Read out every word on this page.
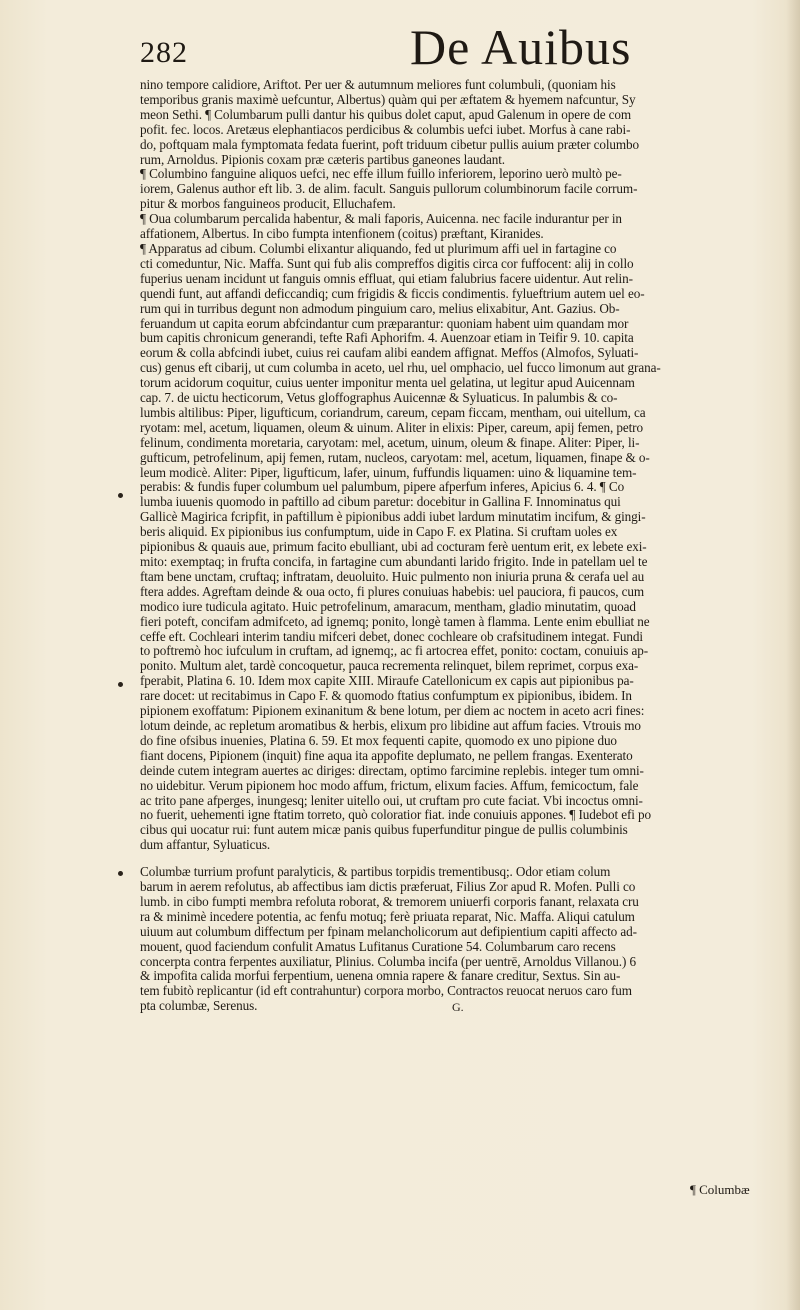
282	De Auibus
nino tempore calidiore, Ariftot. Per uer & autumnum meliores funt columbuli, (quoniam his
temporibus granis maximè uefcuntur, Albertus) quàm qui per æftatem & hyemem nafcuntur, Sy
meon Sethi. ¶ Columbarum pulli dantur his quibus dolet caput, apud Galenum in opere de com
pofit. fec. locos. Aretæus elephantiacos perdicibus & columbis uefci iubet. Morfus à cane rabi-
do, poftquam mala fymptomata fedata fuerint, poft triduum cibetur pullis auium præter columbo
rum, Arnoldus. Pipionis coxam præ cæteris partibus ganeones laudant.
¶ Columbino fanguine aliquos uefci, nec effe illum fuillo inferiorem, leporino uerò multò pe-
iorem, Galenus author eft lib. 3. de alim. facult. Sanguis pullorum columbinorum facile corrum-
pitur & morbos fanguineos producit, Elluchafem.
¶ Oua columbarum percalida habentur, & mali faporis, Auicenna. nec facile indurantur per in
affationem, Albertus. In cibo fumpta intenfionem (coitus) præftant, Kiranides.
¶ Apparatus ad cibum. Columbi elixantur aliquando, fed ut plurimum affi uel in fartagine co
cti comeduntur, Nic. Maffa. Sunt qui fub alis compreffos digitis circa cor fuffocent: alij in collo
fuperius uenam incidunt ut fanguis omnis effluat, qui etiam falubrius facere uidentur. Aut relin-
quendi funt, aut affandi deficcandiq; cum frigidis & ficcis condimentis. fylueftrium autem uel eo-
rum qui in turribus degunt non admodum pinguium caro, melius elixabitur, Ant. Gazius. Ob-
feruandum ut capita eorum abfcindantur cum præparantur: quoniam habent uim quandam mor
bum capitis chronicum generandi, tefte Rafi Aphorifm. 4. Auenzoar etiam in Teifir 9. 10. capita
eorum & colla abfcindi iubet, cuius rei caufam alibi eandem affignat. Meffos (Almofos, Syluati-
cus) genus eft cibarij, ut cum columba in aceto, uel rhu, uel omphacio, uel fucco limonum aut grana-
torum acidorum coquitur, cuius uenter imponitur menta uel gelatina, ut legitur apud Auicennam
cap. 7. de uictu hecticorum, Vetus gloffographus Auicennæ & Syluaticus. In palumbis & co-
lumbis altilibus: Piper, ligufticum, coriandrum, careum, cepam ficcam, mentham, oui uitellum, ca
ryotam: mel, acetum, liquamen, oleum & uinum. Aliter in elixis: Piper, careum, apij femen, petro
felinum, condimenta moretaria, caryotam: mel, acetum, uinum, oleum & finape. Aliter: Piper, li-
gufticum, petrofelinum, apij femen, rutam, nucleos, caryotam: mel, acetum, liquamen, finape & o-
leum modicè. Aliter: Piper, ligufticum, lafer, uinum, fuffundis liquamen: uino & liquamine tem-
perabis: & fundis fuper columbum uel palumbum, pipere afperfum inferes, Apicius 6. 4. ¶ Co
lumba iuuenis quomodo in paftillo ad cibum paretur: docebitur in Gallina F. Innominatus qui
Gallicè Magirica fcripfit, in paftillum è pipionibus addi iubet lardum minutatim incifum, & gingi-
beris aliquid. Ex pipionibus ius confumptum, uide in Capo F. ex Platina. Si cruftam uoles ex
pipionibus & quauis aue, primum facito ebulliant, ubi ad cocturam ferè uentum erit, ex lebete exi-
mito: exemptaq; in frufta concifa, in fartagine cum abundanti larido frigito. Inde in patellam uel te
ftam bene unctam, cruftaq; inftratam, deuoluito. Huic pulmento non iniuria pruna & cerafa uel au
ftera addes. Agreftam deinde & oua octo, fi plures conuiuas habebis: uel pauciora, fi paucos, cum
modico iure tudicula agitato. Huic petrofelinum, amaracum, mentham, gladio minutatim, quoad
fieri poteft, concifam admifceto, ad ignemq; ponito, longè tamen à flamma. Lente enim ebulliat ne
ceffe eft. Cochleari interim tandiu mifceri debet, donec cochleare ob crafsitudinem integat. Fundi
to poftremò hoc iufculum in cruftam, ad ignemq;, ac fi artocrea effet, ponito: coctam, conuiuis ap-
ponito. Multum alet, tardè concoquetur, pauca recrementa relinquet, bilem reprimet, corpus exa-
fperabit, Platina 6. 10. Idem mox capite XIII. Miraufe Catellonicum ex capis aut pipionibus pa-
rare docet: ut recitabimus in Capo F. & quomodo ftatius confumptum ex pipionibus, ibidem. In
pipionem exoffatum: Pipionem exinanitum & bene lotum, per diem ac noctem in aceto acri fines:
lotum deinde, ac repletum aromatibus & herbis, elixum pro libidine aut affum facies. Vtrouis mo
do fine ofsibus inuenies, Platina 6. 59. Et mox fequenti capite, quomodo ex uno pipione duo
fiant docens, Pipionem (inquit) fine aqua ita appofite deplumato, ne pellem frangas. Exenterato
deinde cutem integram auertes ac diriges: directam, optimo farcimine replebis. integer tum omni-
no uidebitur. Verum pipionem hoc modo affum, frictum, elixum facies. Affum, femicoctum, fale
ac trito pane afperges, inungesq; leniter uitello oui, ut cruftam pro cute faciat. Vbi incoctus omni-
no fuerit, uehementi igne ftatim torreto, quò coloratior fiat. inde conuiuis appones. ¶ Iudebot efi po
cibus qui uocatur rui: funt autem micæ panis quibus fuperfunditur pingue de pullis columbinis
dum affantur, Syluaticus.
Columbæ turrium profunt paralyticis, & partibus torpidis trementibusq;. Odor etiam colum
barum in aerem refolutus, ab affectibus iam dictis præferuat, Filius Zor apud R. Mofen. Pulli co
lumb. in cibo fumpti membra refoluta roborat, & tremorem uniuerfi corporis fanant, relaxata cru
ra & minimè incedere potentia, ac fenfu motuq; ferè priuata reparat, Nic. Maffa. Aliqui catulum
uiuum aut columbum diffectum per fpinam melancholicorum aut defipientium capiti affecto ad-
mouent, quod faciendum confulit Amatus Lufitanus Curatione 54. Columbarum caro recens
concerpta contra ferpentes auxiliatur, Plinius. Columba incifa (per uentrē, Arnoldus Villanou.) 6
& impofita calida morfui ferpentium, uenena omnia rapere & fanare creditur, Sextus. Sin au-
tem fubitò replicantur (id eft contrahuntur) corpora morbo, Contractos reuocat neruos caro fum
pta columbæ, Serenus.	G.
¶ Columbæ
